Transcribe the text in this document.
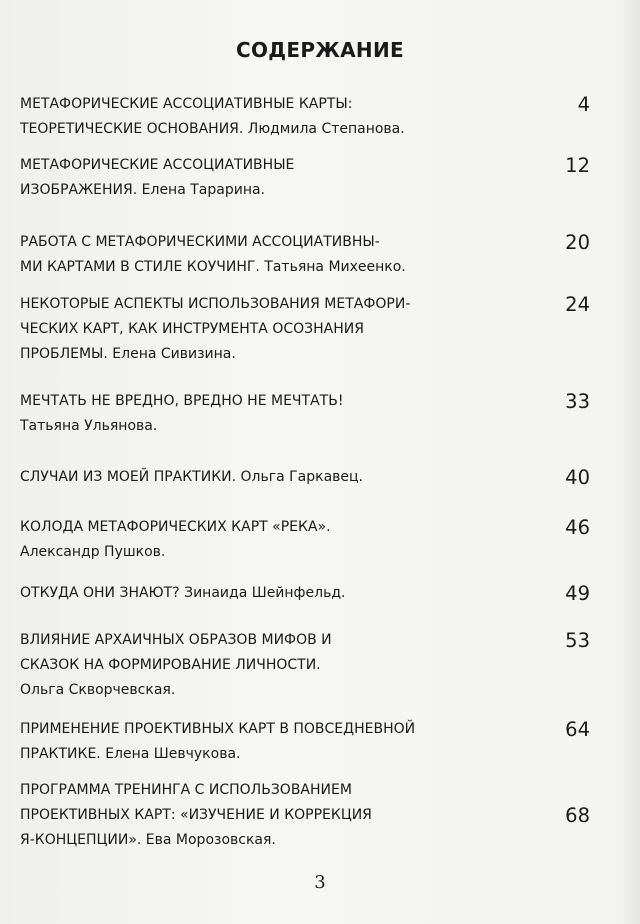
СОДЕРЖАНИЕ
МЕТАФОРИЧЕСКИЕ АССОЦИАТИВНЫЕ КАРТЫ:
ТЕОРЕТИЧЕСКИЕ ОСНОВАНИЯ. Людмила Степанова.
4
МЕТАФОРИЧЕСКИЕ АССОЦИАТИВНЫЕ
ИЗОБРАЖЕНИЯ. Елена Тарарина.
12
РАБОТА С МЕТАФОРИЧЕСКИМИ АССОЦИАТИВНЫ-
МИ КАРТАМИ В СТИЛЕ КОУЧИНГ. Татьяна Михеенко.
20
НЕКОТОРЫЕ АСПЕКТЫ ИСПОЛЬЗОВАНИЯ МЕТАФОРИ-
ЧЕСКИХ КАРТ, КАК ИНСТРУМЕНТА ОСОЗНАНИЯ
ПРОБЛЕМЫ. Елена Сивизина.
24
МЕЧТАТЬ НЕ ВРЕДНО, ВРЕДНО НЕ МЕЧТАТЬ!
Татьяна Ульянова.
33
СЛУЧАИ ИЗ МОЕЙ ПРАКТИКИ. Ольга Гаркавец.	40
КОЛОДА МЕТАФОРИЧЕСКИХ КАРТ «РЕКА».
Александр Пушков.
46
ОТКУДА ОНИ ЗНАЮТ? Зинаида Шейнфельд.	49
ВЛИЯНИЕ АРХАИЧНЫХ ОБРАЗОВ МИФОВ И
СКАЗОК НА ФОРМИРОВАНИЕ ЛИЧНОСТИ.
Ольга Скворчевская.
53
ПРИМЕНЕНИЕ ПРОЕКТИВНЫХ КАРТ В ПОВСЕДНЕВНОЙ
ПРАКТИКЕ. Елена Шевчукова.
64
ПРОГРАММА ТРЕНИНГА С ИСПОЛЬЗОВАНИЕМ
ПРОЕКТИВНЫХ КАРТ: «ИЗУЧЕНИЕ И КОРРЕКЦИЯ
Я-КОНЦЕПЦИИ». Ева Морозовская.
68
3
